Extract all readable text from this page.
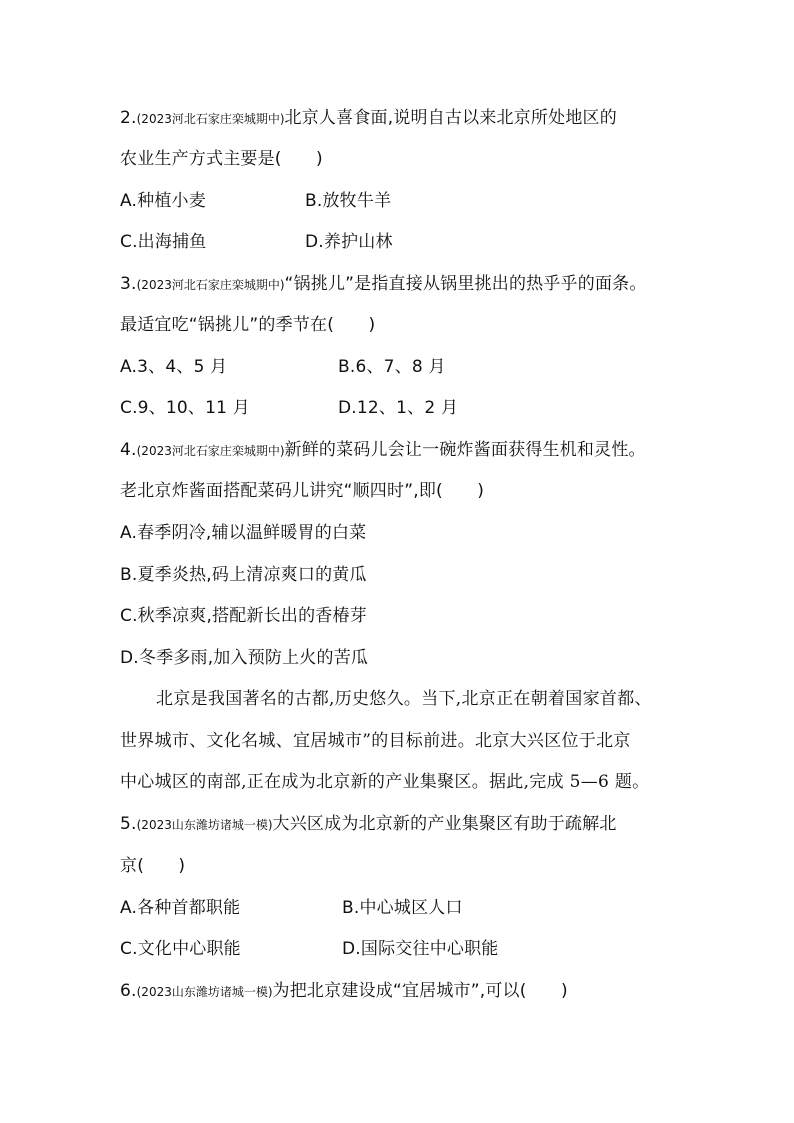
2.(2023河北石家庄栾城期中)北京人喜食面,说明自古以来北京所处地区的
农业生产方式主要是(　　)
A.种植小麦	B.放牧牛羊
C.出海捕鱼	D.养护山林
3.(2023河北石家庄栾城期中)“锅挑儿”是指直接从锅里挑出的热乎乎的面条。
最适宜吃“锅挑儿”的季节在(　　)
A.3、4、5 月	B.6、7、8 月
C.9、10、11 月	D.12、1、2 月
4.(2023河北石家庄栾城期中)新鲜的菜码儿会让一碗炸酱面获得生机和灵性。
老北京炸酱面搭配菜码儿讲究“顺四时”,即(　　)
A.春季阴冷,辅以温鲜暖胃的白菜
B.夏季炎热,码上清凉爽口的黄瓜
C.秋季凉爽,搭配新长出的香椿芽
D.冬季多雨,加入预防上火的苦瓜
北京是我国著名的古都,历史悠久。当下,北京正在朝着国家首都、
世界城市、文化名城、宜居城市”的目标前进。北京大兴区位于北京
中心城区的南部,正在成为北京新的产业集聚区。据此,完成 5—6 题。
5.(2023山东潍坊诸城一模)大兴区成为北京新的产业集聚区有助于疏解北
京(　　)
A.各种首都职能	B.中心城区人口
C.文化中心职能	D.国际交往中心职能
6.(2023山东潍坊诸城一模)为把北京建设成“宜居城市”,可以(　　)
